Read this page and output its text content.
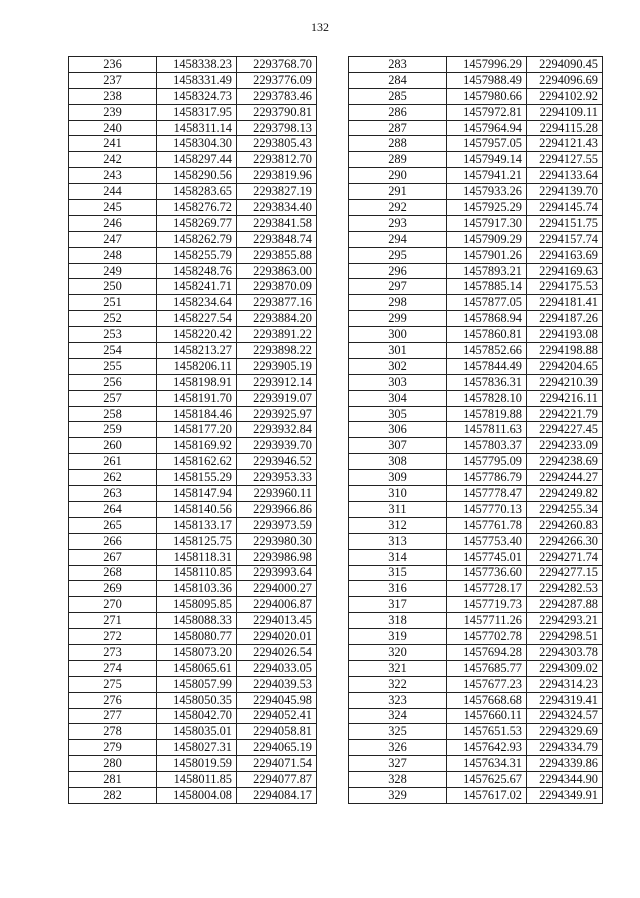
132
236	1458338.23	2293768.70
237	1458331.49	2293776.09
238	1458324.73	2293783.46
239	1458317.95	2293790.81
240	1458311.14	2293798.13
241	1458304.30	2293805.43
242	1458297.44	2293812.70
243	1458290.56	2293819.96
244	1458283.65	2293827.19
245	1458276.72	2293834.40
246	1458269.77	2293841.58
247	1458262.79	2293848.74
248	1458255.79	2293855.88
249	1458248.76	2293863.00
250	1458241.71	2293870.09
251	1458234.64	2293877.16
252	1458227.54	2293884.20
253	1458220.42	2293891.22
254	1458213.27	2293898.22
255	1458206.11	2293905.19
256	1458198.91	2293912.14
257	1458191.70	2293919.07
258	1458184.46	2293925.97
259	1458177.20	2293932.84
260	1458169.92	2293939.70
261	1458162.62	2293946.52
262	1458155.29	2293953.33
263	1458147.94	2293960.11
264	1458140.56	2293966.86
265	1458133.17	2293973.59
266	1458125.75	2293980.30
267	1458118.31	2293986.98
268	1458110.85	2293993.64
269	1458103.36	2294000.27
270	1458095.85	2294006.87
271	1458088.33	2294013.45
272	1458080.77	2294020.01
273	1458073.20	2294026.54
274	1458065.61	2294033.05
275	1458057.99	2294039.53
276	1458050.35	2294045.98
277	1458042.70	2294052.41
278	1458035.01	2294058.81
279	1458027.31	2294065.19
280	1458019.59	2294071.54
281	1458011.85	2294077.87
282	1458004.08	2294084.17
283	1457996.29	2294090.45
284	1457988.49	2294096.69
285	1457980.66	2294102.92
286	1457972.81	2294109.11
287	1457964.94	2294115.28
288	1457957.05	2294121.43
289	1457949.14	2294127.55
290	1457941.21	2294133.64
291	1457933.26	2294139.70
292	1457925.29	2294145.74
293	1457917.30	2294151.75
294	1457909.29	2294157.74
295	1457901.26	2294163.69
296	1457893.21	2294169.63
297	1457885.14	2294175.53
298	1457877.05	2294181.41
299	1457868.94	2294187.26
300	1457860.81	2294193.08
301	1457852.66	2294198.88
302	1457844.49	2294204.65
303	1457836.31	2294210.39
304	1457828.10	2294216.11
305	1457819.88	2294221.79
306	1457811.63	2294227.45
307	1457803.37	2294233.09
308	1457795.09	2294238.69
309	1457786.79	2294244.27
310	1457778.47	2294249.82
311	1457770.13	2294255.34
312	1457761.78	2294260.83
313	1457753.40	2294266.30
314	1457745.01	2294271.74
315	1457736.60	2294277.15
316	1457728.17	2294282.53
317	1457719.73	2294287.88
318	1457711.26	2294293.21
319	1457702.78	2294298.51
320	1457694.28	2294303.78
321	1457685.77	2294309.02
322	1457677.23	2294314.23
323	1457668.68	2294319.41
324	1457660.11	2294324.57
325	1457651.53	2294329.69
326	1457642.93	2294334.79
327	1457634.31	2294339.86
328	1457625.67	2294344.90
329	1457617.02	2294349.91
